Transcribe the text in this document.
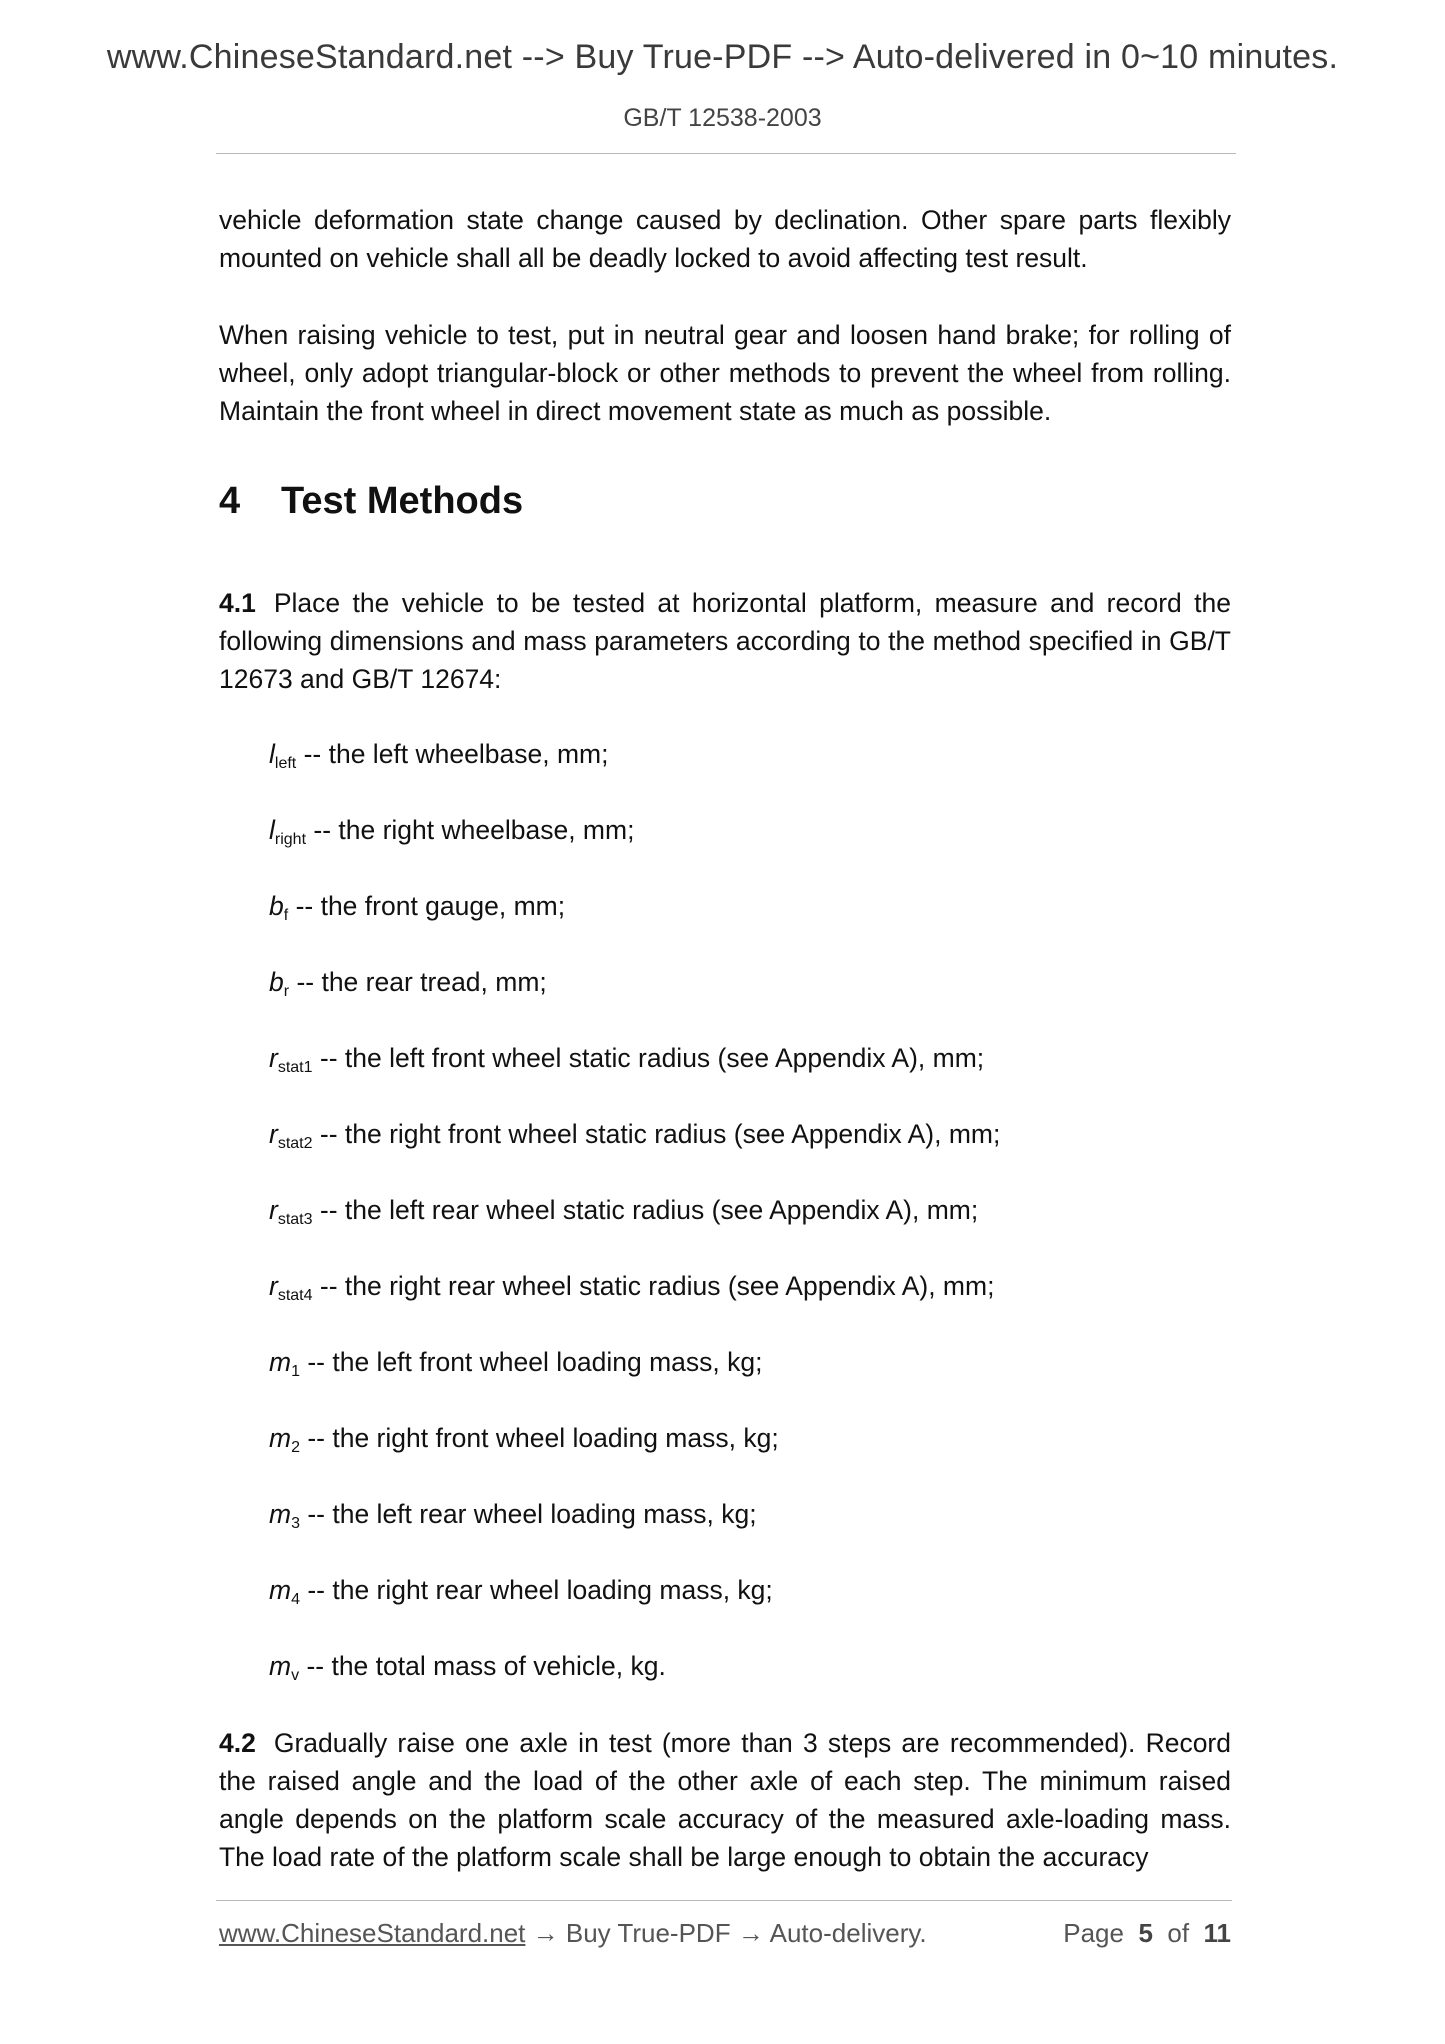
www.ChineseStandard.net --> Buy True-PDF --> Auto-delivered in 0~10 minutes.
GB/T 12538-2003

vehicle deformation state change caused by declination. Other spare parts flexibly mounted on vehicle shall all be deadly locked to avoid affecting test result.

When raising vehicle to test, put in neutral gear and loosen hand brake; for rolling of wheel, only adopt triangular-block or other methods to prevent the wheel from rolling. Maintain the front wheel in direct movement state as much as possible.

4 Test Methods

4.1 Place the vehicle to be tested at horizontal platform, measure and record the following dimensions and mass parameters according to the method specified in GB/T 12673 and GB/T 12674:

$l_{left}$ -- the left wheelbase, mm;
$l_{right}$ -- the right wheelbase, mm;
$b_f$ -- the front gauge, mm;
$b_r$ -- the rear tread, mm;
$r_{stat1}$ -- the left front wheel static radius (see Appendix A), mm;
$r_{stat2}$ -- the right front wheel static radius (see Appendix A), mm;
$r_{stat3}$ -- the left rear wheel static radius (see Appendix A), mm;
$r_{stat4}$ -- the right rear wheel static radius (see Appendix A), mm;
$m_1$ -- the left front wheel loading mass, kg;
$m_2$ -- the right front wheel loading mass, kg;
$m_3$ -- the left rear wheel loading mass, kg;
$m_4$ -- the right rear wheel loading mass, kg;
$m_v$ -- the total mass of vehicle, kg.

4.2 Gradually raise one axle in test (more than 3 steps are recommended). Record the raised angle and the load of the other axle of each step. The minimum raised angle depends on the platform scale accuracy of the measured axle-loading mass. The load rate of the platform scale shall be large enough to obtain the accuracy

www.ChineseStandard.net → Buy True-PDF → Auto-delivery.	Page 5 of 11
